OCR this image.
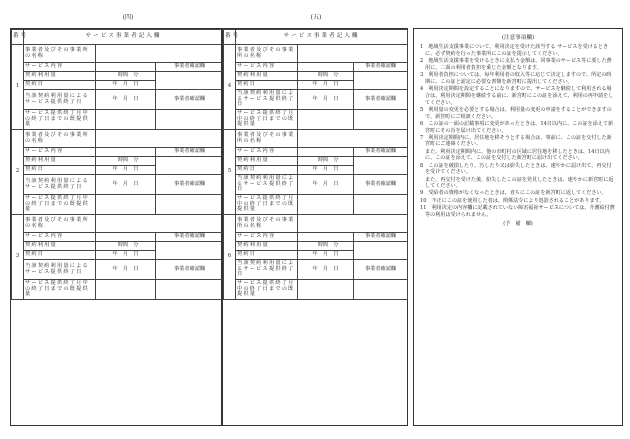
(四)
番号	サービス事業者記入欄		
1	事業者及びその事業所の名称		
	サービス内容		事業者確認欄
	契約利用量	　時間　分	
	契約日	年　月　日	
	当該契約利用量によるサービス提供終了日	年　月　日	事業者確認欄
	サービス提供終了月中の終了日までの既提供量		
2	事業者及びその事業所の名称		
	サービス内容		事業者確認欄
	契約利用量	　時間　分	
	契約日	年　月　日	
	当該契約利用量によるサービス提供終了日	年　月　日	事業者確認欄
	サービス提供終了月中の終了日までの既提供量		
3	事業者及びその事業所の名称		
	サービス内容		事業者確認欄
	契約利用量	　時間　分	
	契約日	年　月　日	
	当該契約利用量によるサービス提供終了日	年　月　日	事業者確認欄
	サービス提供終了月中の終了日までの既提供量		
(五)
番号	サービス事業者記入欄		
4	事業者及びその事業所の名称		
	サービス内容		事業者確認欄
	契約利用量	　時間　分	
	契約日	年　月　日	
	当該契約利用量によるサービス提供終了日	年　月　日	事業者確認欄
	サービス提供終了月中の終了日までの既提供量		
5	事業者及びその事業所の名称		
	サービス内容		事業者確認欄
	契約利用量	　時間　分	
	契約日	年　月　日	
	当該契約利用量によるサービス提供終了日	年　月　日	事業者確認欄
	サービス提供終了月中の終了日までの既提供量		
6	事業者及びその事業所の名称		
	サービス内容		事業者確認欄
	契約利用量	　時間　分	
	契約日	年　月　日	
	当該契約利用量によるサービス提供終了日	年　月　日	事業者確認欄
	サービス提供終了月中の終了日までの既提供量		
(注意事項欄)

1　地域生活支援事業について、利用決定を受けた該当する サービスを受けるときに、必ず契約を行った事業所にこの証を提示してください。

2　地域生活支援事業を受けるときに支払う金額は、同事業のサービス等に要した費用に、二面の利用者負担を乗じた金額となります。

3　利用者負担については、毎年利用者の収入等に応じて決定しますので、所定の時期に、この証と認定に必要な書類を新宮町に提出してください。

4　利用決定期間を設定することになりますので、サービスを継続して利用される場合は、利用決定期間を継続する前に、新宮町にこの証を添えて、利用の再申請をしてください。

5　利用量の変更を必要とする場合は、利用量の変更の申請をすることができますので、新宮町にご相談ください。

6　この証の一面の記載事項に変更があったときは、14日以内に、この証を添えて新宮町にその旨を届け出てください。

7　利用決定期間内に、居住地を移そうとする場合は、事前に、この証を交付した新宮町にご連絡ください。

また、利用決定期間内に、他の市町村の区域に居住地を移したときは、14日以内に、この証を添えて、この証を交付した新宮町に届け出てください。

8　この証を破損したり、汚したり又は紛失したときは、速やかに届け出て、再交付を受けてください。

また、再交付を受けた後、紛失したこの証を発見したときは、速やかに新宮町に返してください。

9　受給者の資格がなくなったときは、直ちにこの証を新宮町に返してください。

10　不正にこの証を使用した者は、関係法令により処罰されることがあります。

11　利用決定の内容欄に記載されていない障害福祉サービスについては、介護給付費等の利用は受けられません。

(予　備　欄)
